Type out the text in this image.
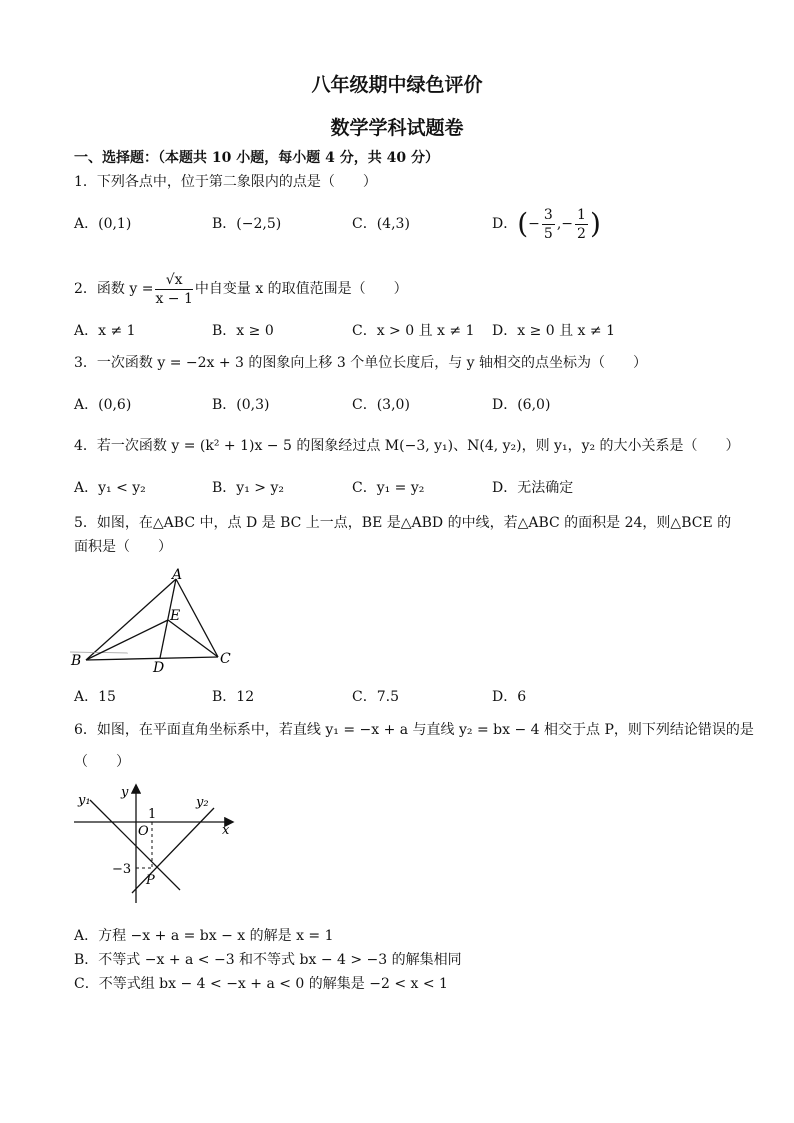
八年级期中绿色评价
数学学科试题卷
一、选择题：（本题共 10 小题，每小题 4 分，共 40 分）
1．下列各点中，位于第二象限内的点是（　　）
A．(0,1)	B．(−2,5)	C．(4,3)	D． ( − $\frac{3}{5}$ ,− $\frac{1}{2}$ )
2．函数 $y = \frac{√x}{x - 1}$ 中自变量 x 的取值范围是（　　）
A．x ≠ 1	B．x ≥ 0	C．x > 0 且 x ≠ 1 D．x ≥ 0 且 x ≠ 1
3．一次函数 y = −2x + 3 的图象向上移 3 个单位长度后，与 y 轴相交的点坐标为（　　）
A．(0,6)	B．(0,3)	C．(3,0)	D．(6,0)
4．若一次函数 y = (k² + 1)x − 5 的图象经过点 M(−3, y₁)、N(4, y₂)，则 y₁，y₂ 的大小关系是（　　）
A．y₁ < y₂	B．y₁ > y₂	C．y₁ = y₂	D．无法确定
5．如图，在△ABC 中，点 D 是 BC 上一点，BE 是△ABD 的中线，若△ABC 的面积是 24，则△BCE 的
面积是（　　）
A
B	C
D
E
A．15	B．12	C．7.5	D．6
6．如图，在平面直角坐标系中，若直线 y₁ = −x + a 与直线 y₂ = bx − 4 相交于点 P，则下列结论错误的是
（　　）
y₁
y
1
y₂
O	x
−3
P
A．方程 −x + a = bx − x 的解是 x = 1
B．不等式 −x + a < −3 和不等式 bx − 4 > −3 的解集相同
C．不等式组 bx − 4 < −x + a < 0 的解集是 −2 < x < 1
